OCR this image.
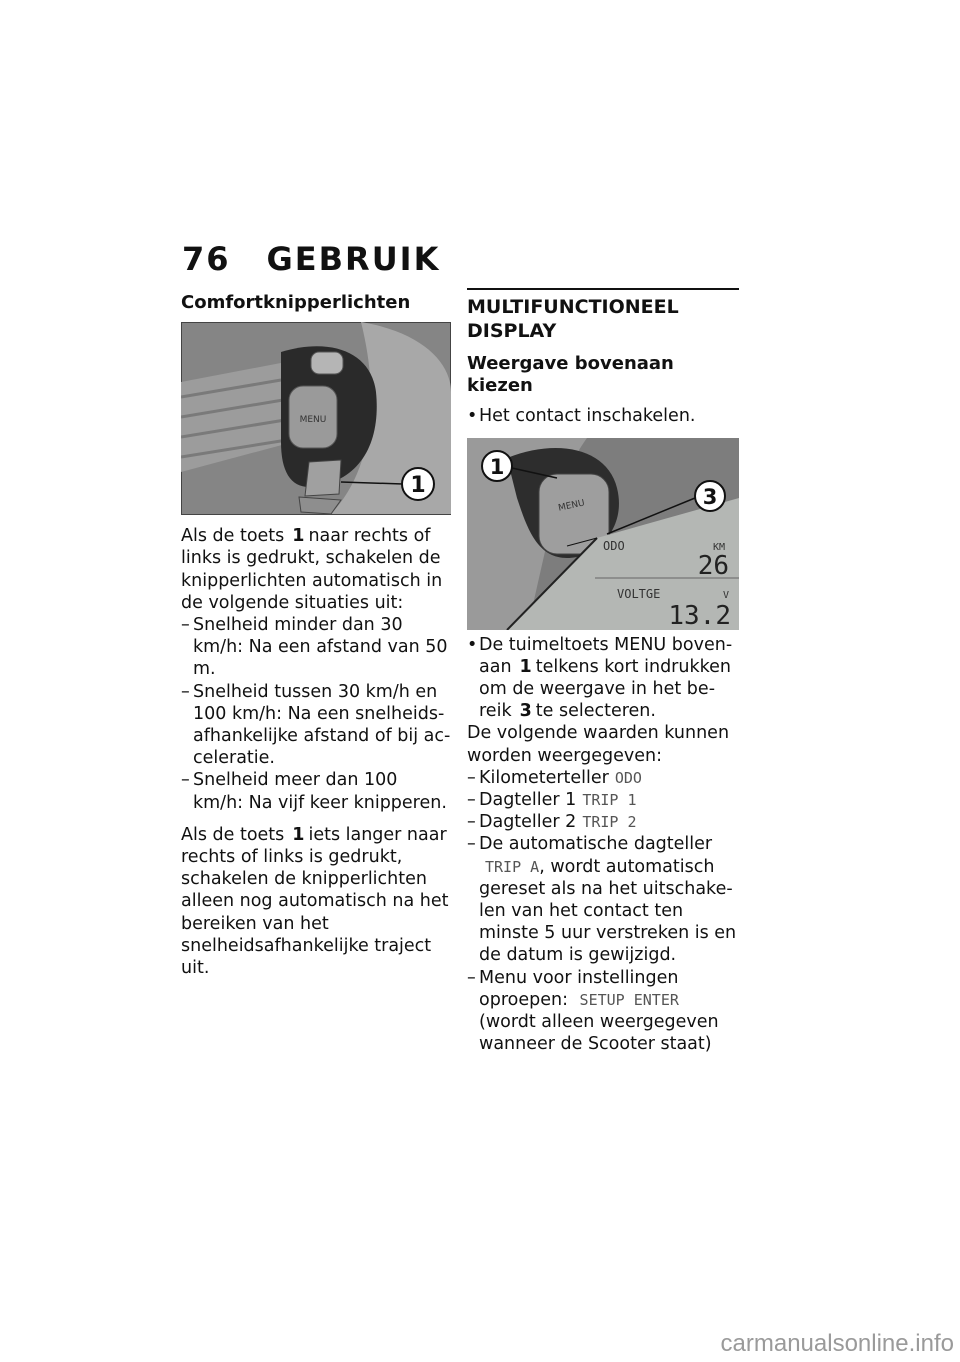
76 GEBRUIK
Comfortknipperlichten
MENU
1

Als de toets 1 naar rechts of links is gedrukt, schakelen de knipperlichten automatisch in de volgende situaties uit:

– Snelheid minder dan 30 km/h: Na een afstand van 50 m.

– Snelheid tussen 30 km/h en 100 km/h: Na een snelheidsafhankelijke afstand of bij acceleratie.

– Snelheid meer dan 100 km/h: Na vijf keer knipperen.

Als de toets 1 iets langer naar rechts of links is gedrukt, schakelen de knipperlichten alleen nog automatisch na het bereiken van het snelheidsafhankelijke traject uit.

MULTIFUNCTIONEEL DISPLAY
Weergave bovenaan kiezen

•Het contact inschakelen.

MENU
ODO	KM
26
VOLTGE	V
13.2
1
3

•De tuimeltoets MENU bovenaan 1 telkens kort indrukken om de weergave in het bereik 3 te selecteren.

De volgende waarden kunnen worden weergegeven:

– Kilometerteller ODO

– Dagteller 1 TRIP 1

– Dagteller 2 TRIP 2

– De automatische dagteller TRIP A, wordt automatisch gereset als na het uitschakelen van het contact ten minste 5 uur verstreken is en de datum is gewijzigd.

– Menu voor instellingen oproepen: SETUP ENTER (wordt alleen weergegeven wanneer de Scooter staat)

carmanualsonline.info
